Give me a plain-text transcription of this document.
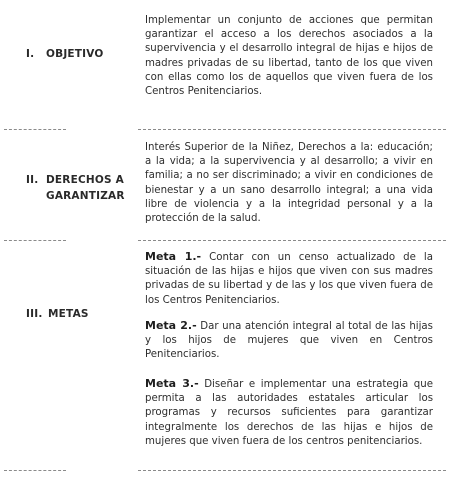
Implementar un conjunto de acciones que permitan garantizar el acceso a los derechos asociados a la supervivencia y el desarrollo integral de hijas e hijos de madres privadas de su libertad, tanto de los que viven con ellas como los de aquellos que viven fuera de los Centros Penitenciarios.
I. OBJETIVO
Interés Superior de la Niñez, Derechos a la: educación; a la vida; a la supervivencia y al desarrollo; a vivir en familia; a no ser discriminado; a vivir en condiciones de bienestar y a un sano desarrollo integral; a una vida libre de violencia y a la integridad personal y a la protección de la salud.
II. DERECHOS A
GARANTIZAR
Meta 1.- Contar con un censo actualizado de la situación de las hijas e hijos que viven con sus madres privadas de su libertad y de las y los que viven fuera de los Centros Penitenciarios.
III. METAS
Meta 2.- Dar una atención integral al total de las hijas y los hijos de mujeres que viven en Centros Penitenciarios.
Meta 3.- Diseñar e implementar una estrategia que permita a las autoridades estatales articular los programas y recursos suficientes para garantizar integralmente los derechos de las hijas e hijos de mujeres que viven fuera de los centros penitenciarios.
